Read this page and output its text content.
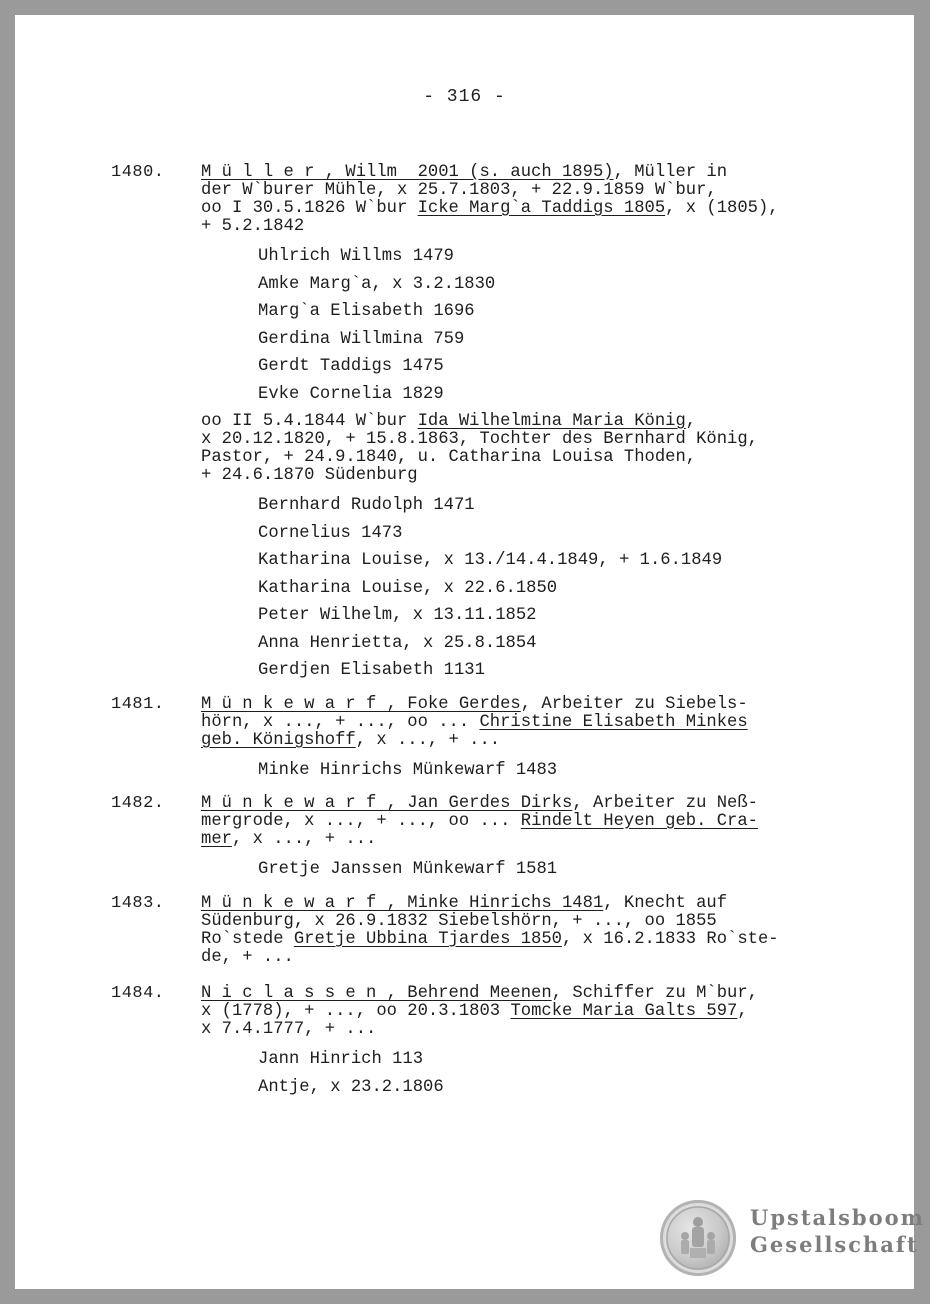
- 316 -
1480. M ü l l e r , Willm  2001 (s. auch 1895), Müller in
der W`burer Mühle, x 25.7.1803, + 22.9.1859 W`bur,
oo I 30.5.1826 W`bur Icke Marg`a Taddigs 1805, x (1805),
+ 5.2.1842
Uhlrich Willms 1479
Amke Marg`a, x 3.2.1830
Marg`a Elisabeth 1696
Gerdina Willmina 759
Gerdt Taddigs 1475
Evke Cornelia 1829
oo II 5.4.1844 W`bur Ida Wilhelmina Maria König,
x 20.12.1820, + 15.8.1863, Tochter des Bernhard König,
Pastor, + 24.9.1840, u. Catharina Louisa Thoden,
+ 24.6.1870 Südenburg
Bernhard Rudolph 1471
Cornelius 1473
Katharina Louise, x 13./14.4.1849, + 1.6.1849
Katharina Louise, x 22.6.1850
Peter Wilhelm, x 13.11.1852
Anna Henrietta, x 25.8.1854
Gerdjen Elisabeth 1131
1481. M ü n k e w a r f , Foke Gerdes, Arbeiter zu Siebels-
hörn, x ..., + ..., oo ... Christine Elisabeth Minkes
geb. Königshoff, x ..., + ...
Minke Hinrichs Münkewarf 1483
1482. M ü n k e w a r f , Jan Gerdes Dirks, Arbeiter zu Neß-
mergrode, x ..., + ..., oo ... Rindelt Heyen geb. Cra-
mer, x ..., + ...
Gretje Janssen Münkewarf 1581
1483. M ü n k e w a r f , Minke Hinrichs 1481, Knecht auf
Südenburg, x 26.9.1832 Siebelshörn, + ..., oo 1855
Ro`stede Gretje Ubbina Tjardes 1850, x 16.2.1833 Ro`ste-
de, + ...
1484. N i c l a s s e n , Behrend Meenen, Schiffer zu M`bur,
x (1778), + ..., oo 20.3.1803 Tomcke Maria Galts 597,
x 7.4.1777, + ...
Jann Hinrich 113
Antje, x 23.2.1806
Upstalsboom
Gesellschaft
